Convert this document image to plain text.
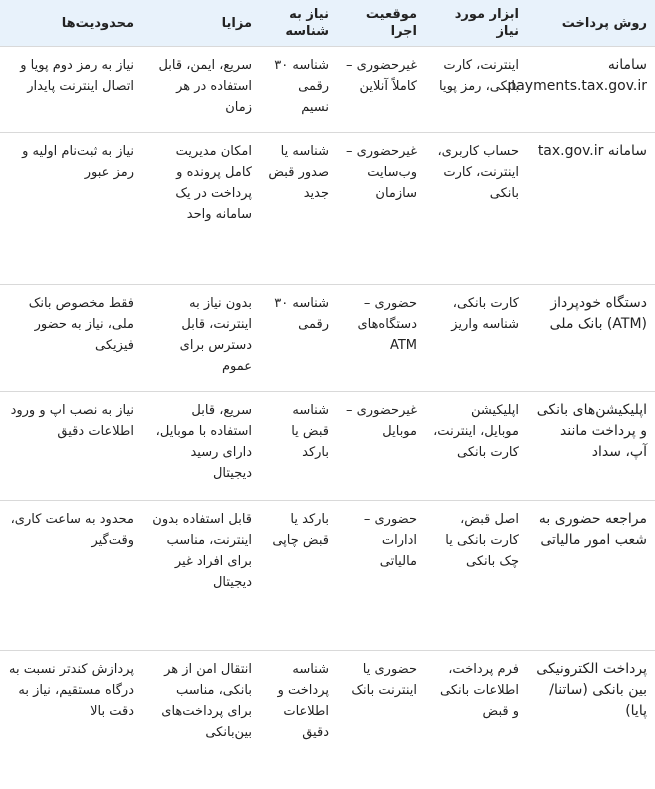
روش پرداخت	ابزار مورد نیاز	موقعیت اجرا	نیاز به شناسه	مزایا	محدودیت‌ها
سامانه payments.tax.gov.ir	اینترنت، کارت بانکی، رمز پویا	غیرحضوری – کاملاً آنلاین	شناسه ۳۰ رقمی نسیم	سریع، ایمن، قابل استفاده در هر زمان	نیاز به رمز دوم پویا و اتصال اینترنت پایدار
سامانه tax.gov.ir	حساب کاربری، اینترنت، کارت بانکی	غیرحضوری – وب‌سایت سازمان	شناسه یا صدور قبض جدید	امکان مدیریت کامل پرونده و پرداخت در یک سامانه واحد	نیاز به ثبت‌نام اولیه و رمز عبور
دستگاه خودپرداز (ATM) بانک ملی	کارت بانکی، شناسه واریز	حضوری – دستگاه‌های ATM	شناسه ۳۰ رقمی	بدون نیاز به اینترنت، قابل دسترس برای عموم	فقط مخصوص بانک ملی، نیاز به حضور فیزیکی
اپلیکیشن‌های بانکی و پرداخت مانند آپ، سداد	اپلیکیشن موبایل، اینترنت، کارت بانکی	غیرحضوری – موبایل	شناسه قبض یا بارکد	سریع، قابل استفاده با موبایل، دارای رسید دیجیتال	نیاز به نصب اپ و ورود اطلاعات دقیق
مراجعه حضوری به شعب امور مالیاتی	اصل قبض، کارت بانکی یا چک بانکی	حضوری – ادارات مالیاتی	بارکد یا قبض چاپی	قابل استفاده بدون اینترنت، مناسب برای افراد غیر دیجیتال	محدود به ساعت کاری، وقت‌گیر
پرداخت الکترونیکی بین بانکی (ساتنا/پایا)	فرم پرداخت، اطلاعات بانکی و قبض	حضوری یا اینترنت بانک	شناسه پرداخت و اطلاعات دقیق	انتقال امن از هر بانکی، مناسب برای پرداخت‌های بین‌بانکی	پردازش کندتر نسبت به درگاه مستقیم، نیاز به دقت بالا
